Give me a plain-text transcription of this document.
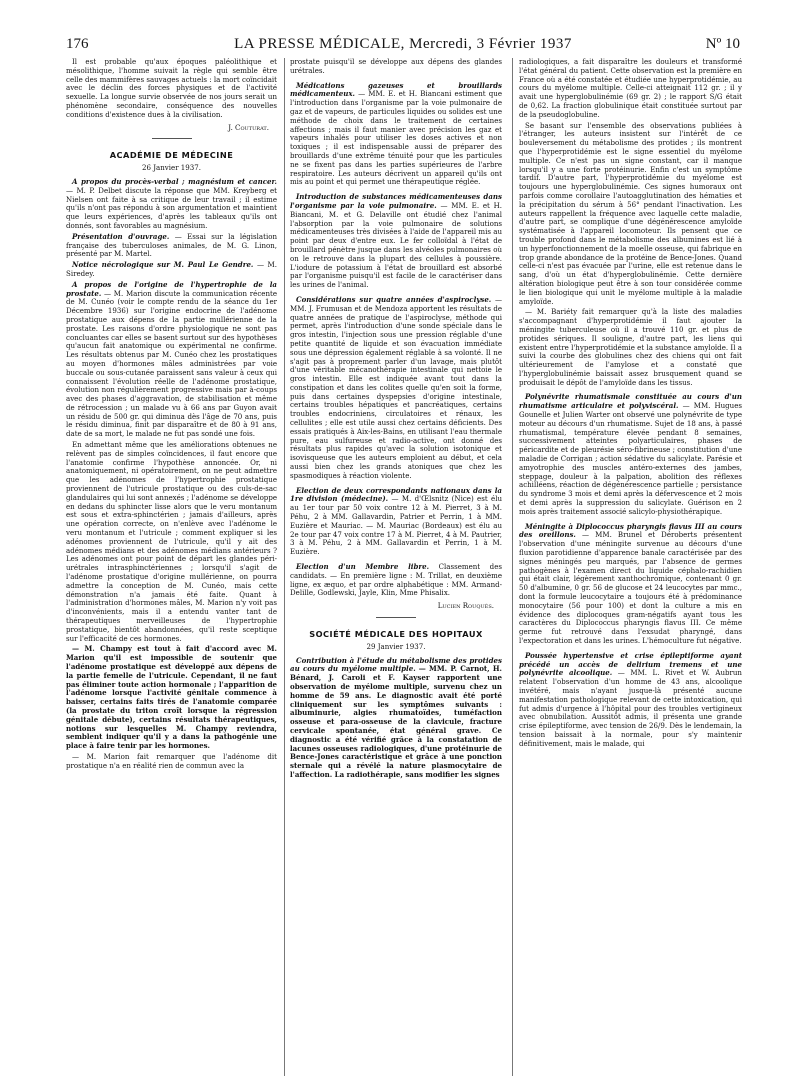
176	LA PRESSE MÉDICALE, Mercredi, 3 Février 1937	Nº 10

Il est probable qu'aux époques paléolithique et mésolithique, l'homme suivait la règle qui semble être celle des mammifères sauvages actuels : la mort coïncidait avec le déclin des forces physiques et de l'activité sexuelle. La longue survie observée de nos jours serait un phénomène secondaire, conséquence des nouvelles conditions d'existence dues à la civilisation.

J. Couturat.
ACADÉMIE DE MÉDECINE
26 Janvier 1937.

A propos du procès-verbal ; magnésium et cancer. — M. P. Delbet discute la réponse que MM. Kreyberg et Nielsen ont faite à sa critique de leur travail ; il estime qu'ils n'ont pas répondu à son argumentation et maintient que leurs expériences, d'après les tableaux qu'ils ont donnés, sont favorables au magnésium.

Présentation d'ouvrage. — Essai sur la législation française des tuberculoses animales, de M. G. Linon, présenté par M. Martel.

Notice nécrologique sur M. Paul Le Gendre. — M. Siredey.

A propos de l'origine de l'hypertrophie de la prostate. — M. Marion discute la communication récente de M. Cunéo (voir le compte rendu de la séance du 1er Décembre 1936) sur l'origine endocrine de l'adénome prostatique aux dépens de la partie mullérienne de la prostate. Les raisons d'ordre physiologique ne sont pas concluantes car elles se basent surtout sur des hypothèses qu'aucun fait anatomique ou expérimental ne confirme. Les résultats obtenus par M. Cunéo chez les prostatiques au moyen d'hormones mâles administrées par voie buccale ou sous-cutanée paraissent sans valeur à ceux qui connaissent l'évolution réelle de l'adénome prostatique, évolution non régulièrement progressive mais par à-coups avec des phases d'aggravation, de stabilisation et même de rétrocession ; un malade vu à 66 ans par Guyon avait un résidu de 500 gr. qui diminua dès l'âge de 70 ans, puis le résidu diminua, finit par disparaître et de 80 à 91 ans, date de sa mort, le malade ne fut pas sondé une fois.

En admettant même que les améliorations obtenues ne relèvent pas de simples coïncidences, il faut encore que l'anatomie confirme l'hypothèse annoncée. Or, ni anatomiquement, ni opératoirement, on ne peut admettre que les adénomes de l'hypertrophie prostatique proviennent de l'utricule prostatique ou des culs-de-sac glandulaires qui lui sont annexés ; l'adénome se développe en dedans du sphincter lisse alors que le veru montanum est sous et extra-sphinctérien ; jamais d'ailleurs, après une opération correcte, on n'enlève avec l'adénome le veru montanum et l'utricule ; comment expliquer si les adénomes proviennent de l'utricule, qu'il y ait des adénomes médians et des adénomes médians antérieurs ? Les adénomes ont pour point de départ les glandes péri-urétrales intrasphinctériennes ; lorsqu'il s'agit de l'adénome prostatique d'origine mullérienne, on pourra admettre la conception de M. Cunéo, mais cette démonstration n'a jamais été faite. Quant à l'administration d'hormones mâles, M. Marion n'y voit pas d'inconvénients, mais il a entendu vanter tant de thérapeutiques merveilleuses de l'hypertrophie prostatique, bientôt abandonnées, qu'il reste sceptique sur l'efficacité de ces hormones.

— M. Champy est tout à fait d'accord avec M. Marion qu'il est impossible de soutenir que l'adénome prostatique est développé aux dépens de la partie femelle de l'utricule. Cependant, il ne faut pas éliminer toute action hormonale ; l'apparition de l'adénome lorsque l'activité génitale commence à baisser, certains faits tirés de l'anatomie comparée (la prostate du triton croît lorsque la régression génitale débute), certains résultats thérapeutiques, notions sur lesquelles M. Champy reviendra, semblent indiquer qu'il y a dans la pathogénie une place à faire tenir par les hormones.

— M. Marion fait remarquer que l'adénome dit prostatique n'a en réalité rien de commun avec la

prostate puisqu'il se développe aux dépens des glandes urétrales.

Médications gazeuses et brouillards médicamenteux. — MM. E. et H. Biancani estiment que l'introduction dans l'organisme par la voie pulmonaire de gaz et de vapeurs, de particules liquides ou solides est une méthode de choix dans le traitement de certaines affections ; mais il faut manier avec précision les gaz et vapeurs inhalés pour utiliser les doses actives et non toxiques ; il est indispensable aussi de préparer des brouillards d'une extrême ténuité pour que les particules ne se fixent pas dans les parties supérieures de l'arbre respiratoire. Les auteurs décrivent un appareil qu'ils ont mis au point et qui permet une thérapeutique réglée.

Introduction de substances médicamenteuses dans l'organisme par la voie pulmonaire. — MM. E. et H. Biancani, M. et G. Delaville ont étudié chez l'animal l'absorption par la voie pulmonaire de solutions médicamenteuses très divisées à l'aide de l'appareil mis au point par deux d'entre eux. Le fer colloïdal à l'état de brouillard pénètre jusque dans les alvéoles pulmonaires où on le retrouve dans la plupart des cellules à poussière. L'iodure de potassium à l'état de brouillard est absorbé par l'organisme puisqu'il est facile de le caractériser dans les urines de l'animal.

Considérations sur quatre années d'aspiroclyse. — MM. J. Frumusan et de Mendoza apportent les résultats de quatre années de pratique de l'aspiroclyse, méthode qui permet, après l'introduction d'une sonde spéciale dans le gros intestin, l'injection sous une pression réglable d'une petite quantité de liquide et son évacuation immédiate sous une dépression également réglable à sa volonté. Il ne s'agit pas à proprement parler d'un lavage, mais plutôt d'une véritable mécanothérapie intestinale qui nettoie le gros intestin. Elle est indiquée avant tout dans la constipation et dans les colites quelle qu'en soit la forme, puis dans certaines dyspepsies d'origine intestinale, certains troubles hépatiques et pancréatiques, certains troubles endocriniens, circulatoires et rénaux, les cellulites ; elle est utile aussi chez certains déficients. Des essais pratiqués à Aix-les-Bains, en utilisant l'eau thermale pure, eau sulfureuse et radio-active, ont donné des résultats plus rapides qu'avec la solution isotonique et isovisqueuse que les auteurs emploient au début, et cela aussi bien chez les grands atoniques que chez les spasmodiques à réaction violente.

Election de deux correspondants nationaux dans la 1re division (médecine). — M. d'Œlsnitz (Nice) est élu au 1er tour par 50 voix contre 12 à M. Pierret, 3 à M. Péhu, 2 à MM. Gallavardin, Patrier et Perrin, 1 à MM. Euzière et Mauriac. — M. Mauriac (Bordeaux) est élu au 2e tour par 47 voix contre 17 à M. Pierret, 4 à M. Pautrier, 3 à M. Péhu, 2 à MM. Gallavardin et Perrin, 1 à M. Euzière.

Election d'un Membre libre. Classement des candidats. — En première ligne : M. Trillat, en deuxième ligne, ex æquo, et par ordre alphabétique : MM. Armand-Delille, Godlewski, Jayle, Klin, Mme Phisalix.

Lucien Rouquès.
SOCIÉTÉ MÉDICALE DES HOPITAUX
29 Janvier 1937.

Contribution à l'étude du métabolisme des protides au cours du myélome multiple. — MM. P. Carnot, H. Bénard, J. Caroli et F. Kayser rapportent une observation de myélome multiple, survenu chez un homme de 59 ans. Le diagnostic avait été porté cliniquement sur les symptômes suivants : albuminurie, algies rhumatoïdes, tuméfaction osseuse et para-osseuse de la clavicule, fracture cervicale spontanée, état général grave. Ce diagnostic a été vérifié grâce à la constatation de lacunes osseuses radiologiques, d'une protéinurie de Bence-Jones caractéristique et grâce à une ponction sternale qui a révélé la nature plasmocytaire de l'affection. La radiothérapie, sans modifier les signes

radiologiques, a fait disparaître les douleurs et transformé l'état général du patient. Cette observation est la première en France où a été constatée et étudiée une hyperprotidémie, au cours du myélome multiple. Celle-ci atteignait 112 gr. ; il y avait une hyperglobulinémie (69 gr. 2) ; le rapport S/G était de 0,62. La fraction globulinique était constituée surtout par de la pseudoglobuline.

Se basant sur l'ensemble des observations publiées à l'étranger, les auteurs insistent sur l'intérêt de ce bouleversement du métabolisme des protides ; ils montrent que l'hyperprotidémie est le signe essentiel du myélome multiple. Ce n'est pas un signe constant, car il manque lorsqu'il y a une forte protéinurie. Enfin c'est un symptôme tardif. D'autre part, l'hyperprotidémie du myélome est toujours une hyperglobulinémie. Ces signes humoraux ont parfois comme corollaire l'autoagglutination des hématies et la précipitation du sérum à 56° pendant l'inactivation. Les auteurs rappellent la fréquence avec laquelle cette maladie, d'autre part, se complique d'une dégénérescence amyloïde systématisée à l'appareil locomoteur. Ils pensent que ce trouble profond dans le métabolisme des albumines est lié à un hyperfonctionnement de la moelle osseuse, qui fabrique en trop grande abondance de la protéine de Bence-Jones. Quand celle-ci n'est pas évacuée par l'urine, elle est retenue dans le sang, d'où un état d'hyperglobulinémie. Cette dernière altération biologique peut être à son tour considérée comme le lien biologique qui unit le myélome multiple à la maladie amyloïde.

— M. Bariéty fait remarquer qu'à la liste des maladies s'accompagnant d'hyperprotidémie il faut ajouter la méningite tuberculeuse où il a trouvé 110 gr. et plus de protides sériques. Il souligne, d'autre part, les liens qui existent entre l'hyperprotidémie et la substance amyloïde. Il a suivi la courbe des globulines chez des chiens qui ont fait ultérieurement de l'amylose et a constaté que l'hyperglobulinémie baissait assez brusquement quand se produisait le dépôt de l'amyloïde dans les tissus.

Polynévrite rhumatismale constituée au cours d'un rhumatisme articulaire et polyviscéral. — MM. Hugues Gounelle et Julien Warter ont observé une polynévrite de type moteur au décours d'un rhumatisme. Sujet de 18 ans, à passé rhumatismal, température élevée pendant 8 semaines, successivement atteintes polyarticulaires, phases de péricardite et de pleurésie séro-fibrineuse ; constitution d'une maladie de Corrigan ; action sédative du salicylate. Parésie et amyotrophie des muscles antéro-externes des jambes, steppage, douleur à la palpation, abolition des réflexes achilléens, réaction de dégénérescence partielle ; persistance du syndrome 3 mois et demi après la défervescence et 2 mois et demi après la suppression du salicylate. Guérison en 2 mois après traitement associé salicylo-physiothérapique.

Méningite à Diplococcus pharyngis flavus III au cours des oreillons. — MM. Brunel et Déroberts présentent l'observation d'une méningite survenue au décours d'une fluxion parotidienne d'apparence banale caractérisée par des signes méningés peu marqués, par l'absence de germes pathogènes à l'examen direct du liquide céphalo-rachidien qui était clair, légèrement xanthochromique, contenant 0 gr. 50 d'albumine, 0 gr. 56 de glucose et 24 leucocytes par mmc., dont la formule leucocytaire a toujours été à prédominance monocytaire (56 pour 100) et dont la culture a mis en évidence des diplocoques gram-négatifs ayant tous les caractères du Diplococcus pharyngis flavus III. Ce même germe fut retrouvé dans l'exsudat pharyngé, dans l'expectoration et dans les urines. L'hémoculture fut négative.

Poussée hypertensive et crise épileptiforme ayant précédé un accès de delirium tremens et une polynévrite alcoolique. — MM. L. Rivet et W. Aubrun relatent l'observation d'un homme de 43 ans, alcoolique invétéré, mais n'ayant jusque-là présenté aucune manifestation pathologique relevant de cette intoxication, qui fut admis d'urgence à l'hôpital pour des troubles vertigineux avec obnubilation. Aussitôt admis, il présenta une grande crise épileptiforme, avec tension de 26/9. Dès le lendemain, la tension baissait à la normale, pour s'y maintenir définitivement, mais le malade, qui
